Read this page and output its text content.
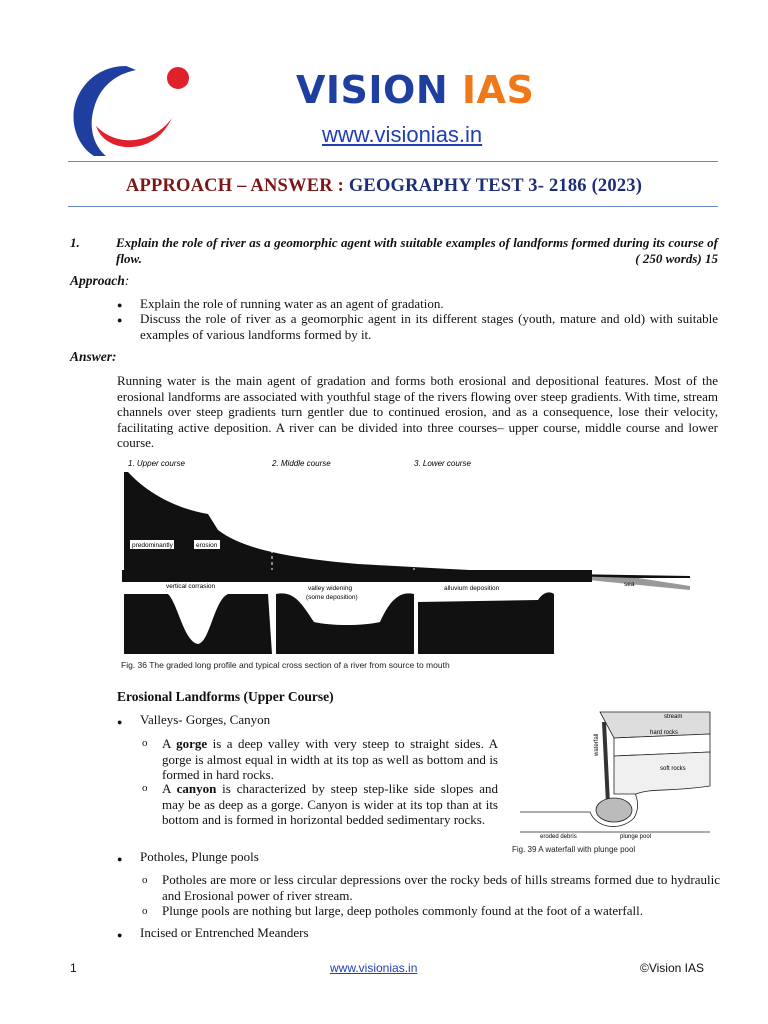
VISION IAS
www.visionias.in
APPROACH – ANSWER : GEOGRAPHY TEST 3- 2186 (2023)
1.	Explain the role of river as a geomorphic agent with suitable examples of landforms formed during its course of flow.	( 250 words) 15
Approach:
● Explain the role of running water as an agent of gradation.
● Discuss the role of river as a geomorphic agent in its different stages (youth, mature and old) with suitable examples of various landforms formed by it.
Answer:
Running water is the main agent of gradation and forms both erosional and depositional features. Most of the erosional landforms are associated with youthful stage of the rivers flowing over steep gradients. With time, stream channels over steep gradients turn gentler due to continued erosion, and as a consequence, lose their velocity, facilitating active deposition. A river can be divided into three courses– upper course, middle course and lower course.
1. Upper course	2. Middle course	3. Lower course
predominantly	erosion	transportation	deposition
vertical corrasion	valley widening
(some deposition)
alluvium deposition
sea
Fig. 36 The graded long profile and typical cross section of a river from source to mouth
Erosional Landforms (Upper Course)
● Valleys- Gorges, Canyon
o A gorge is a deep valley with very steep to straight sides. A gorge is almost equal in width at its top as well as bottom and is formed in hard rocks.
o A canyon is characterized by steep step-like side slopes and may be as deep as a gorge. Canyon is wider at its top than at its bottom and is formed in horizontal bedded sedimentary rocks.
stream
hard rocks
soft rocks
waterfall
eroded debris	plunge pool
Fig. 39 A waterfall with plunge pool
● Potholes, Plunge pools
o Potholes are more or less circular depressions over the rocky beds of hills streams formed due to hydraulic and Erosional power of river stream.
o Plunge pools are nothing but large, deep potholes commonly found at the foot of a waterfall.
● Incised or Entrenched Meanders
1	www.visionias.in	©Vision IAS
